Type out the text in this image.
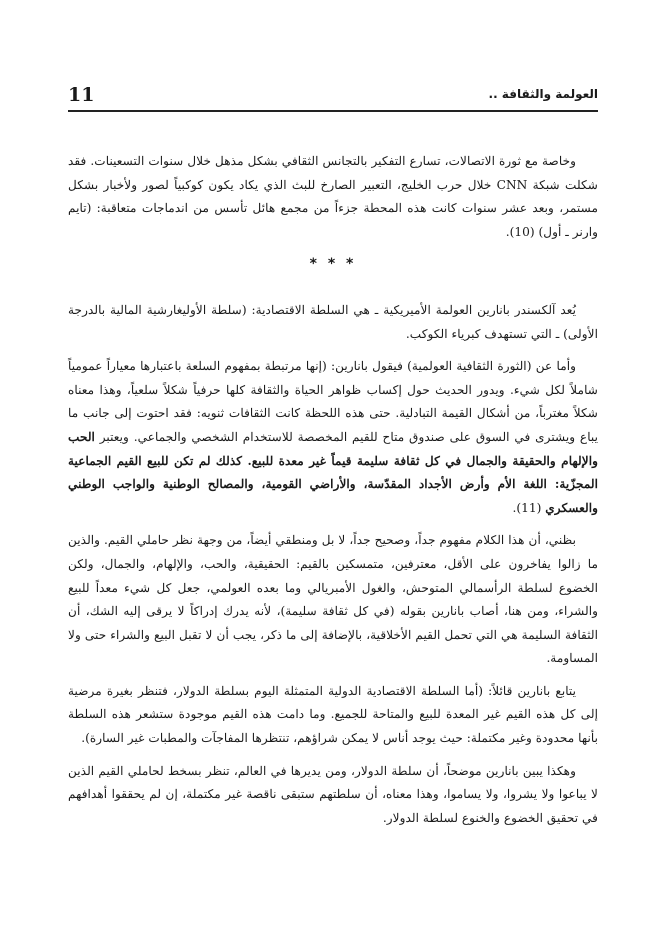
11	العولمة والثقافة ..

وخاصة مع ثورة الاتصالات، تسارع التفكير بالتجانس الثقافي بشكل مذهل خلال سنوات التسعينات. فقد شكلت شبكة CNN خلال حرب الخليج، التعبير الصارخ للبث الذي يكاد يكون كوكبياً لصور ولأخبار بشكل مستمر، وبعد عشر سنوات كانت هذه المحطة جزءاً من مجمع هائل تأسس من اندماجات متعاقبة: (تايم وارنر ـ أول) (10).

* * *

يُعد آلكسندر بانارين العولمة الأميريكية ـ هي السلطة الاقتصادية: (سلطة الأوليغارشية المالية بالدرجة الأولى) ـ التي تستهدف كبرياء الكوكب.

وأما عن (الثورة الثقافية العولمية) فيقول بانارين: (إنها مرتبطة بمفهوم السلعة باعتبارها معياراً عمومياً شاملاً لكل شيء. ويدور الحديث حول إكساب ظواهر الحياة والثقافة كلها حرفياً شكلاً سلعياً، وهذا معناه شكلاً مغترباً، من أشكال القيمة التبادلية. حتى هذه اللحظة كانت الثقافات ثنويه: فقد احتوت إلى جانب ما يباع ويشترى في السوق على صندوق متاح للقيم المخصصة للاستخدام الشخصي والجماعي. ويعتبر الحب والإلهام والحقيقة والجمال في كل ثقافة سليمة قيماً غير معدة للبيع. كذلك لم تكن للبيع القيم الجماعية المجزّية: اللغة الأم وأرض الأجداد المقدّسة، والأراضي القومية، والمصالح الوطنية والواجب الوطني والعسكري (11).

بظني، أن هذا الكلام مفهوم جداً، وصحيح جداً، لا بل ومنطقي أيضاً، من وجهة نظر حاملي القيم. والذين ما زالوا يفاخرون على الأقل، معترفين، متمسكين بالقيم: الحقيقية، والحب، والإلهام، والجمال، ولكن الخضوع لسلطة الرأسمالي المتوحش، والغول الأمبريالي وما بعده العولمي، جعل كل شيء معداً للبيع والشراء، ومن هنا، أصاب بانارين بقوله (في كل ثقافة سليمة)، لأنه يدرك إدراكاً لا يرقى إليه الشك، أن الثقافة السليمة هي التي تحمل القيم الأخلاقية، بالإضافة إلى ما ذكر، يجب أن لا تقبل البيع والشراء حتى ولا المساومة.

يتابع بانارين قائلاً: (أما السلطة الاقتصادية الدولية المتمثلة اليوم بسلطة الدولار، فتنظر بغيرة مرضية إلى كل هذه القيم غير المعدة للبيع والمتاحة للجميع. وما دامت هذه القيم موجودة ستشعر هذه السلطة بأنها محدودة وغير مكتملة: حيث يوجد أناس لا يمكن شراؤهم، تنتظرها المفاجآت والمطبات غير السارة).

وهكذا يبين بانارين موضحاً، أن سلطة الدولار، ومن يديرها في العالم، تنظر بسخط لحاملي القيم الذين لا يباعوا ولا يشروا، ولا يساموا، وهذا معناه، أن سلطتهم ستبقى ناقصة غير مكتملة، إن لم يحققوا أهدافهم في تحقيق الخضوع والخنوع لسلطة الدولار.
